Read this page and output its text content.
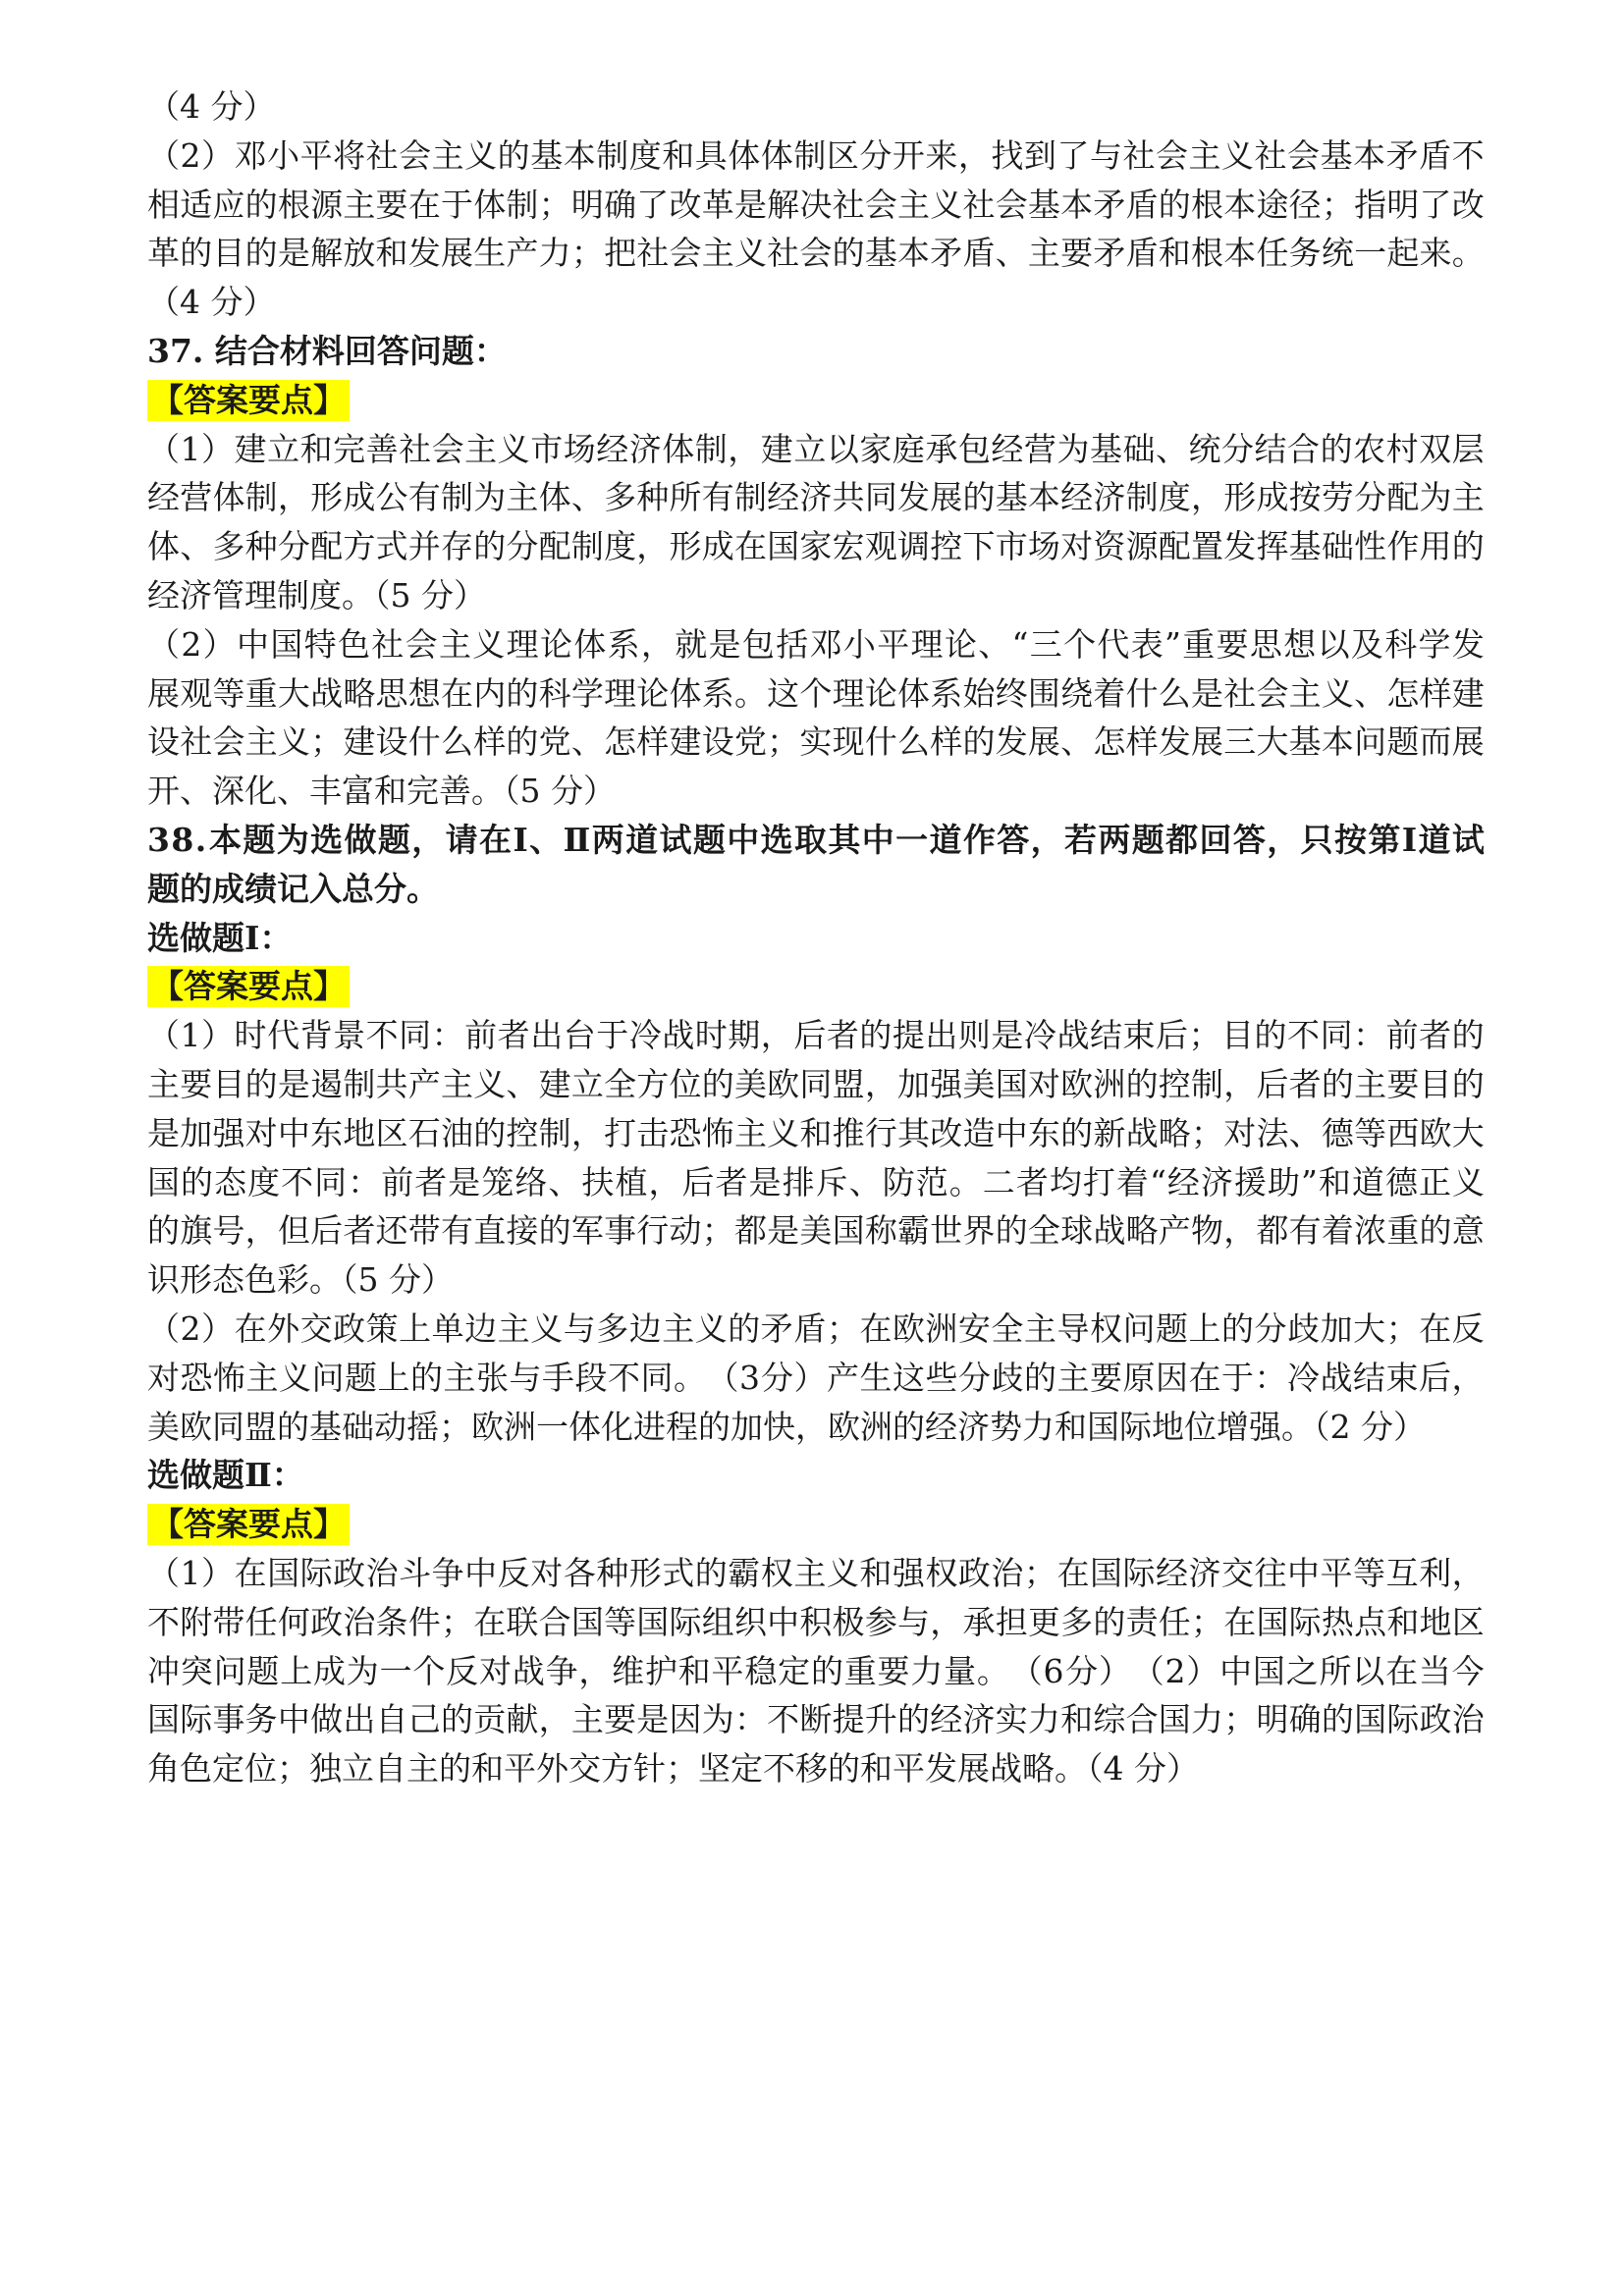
（4 分）
（ 2 ） 邓 小 平 将 社 会 主 义 的 基 本 制 度 和 具 体 体 制 区 分 开 来 ， 找 到 了 与 社 会 主 义 社 会 基 本 矛 盾 不
相 适 应 的 根 源 主 要 在 于 体 制 ； 明 确 了 改 革 是 解 决 社 会 主 义 社 会 基 本 矛 盾 的 根 本 途 径 ； 指 明 了 改
革 的 目 的 是 解 放 和 发 展 生 产 力 ； 把 社 会 主 义 社 会 的 基 本 矛 盾 、 主 要 矛 盾 和 根 本 任 务 统 一 起 来 。
（4 分）
37. 结合材料回答问题：
【答案要点】
（ 1 ） 建 立 和 完 善 社 会 主 义 市 场 经 济 体 制 ， 建 立 以 家 庭 承 包 经 营 为 基 础 、 统 分 结 合 的 农 村 双 层
经 营 体 制 ， 形 成 公 有 制 为 主 体 、 多 种 所 有 制 经 济 共 同 发 展 的 基 本 经 济 制 度 ， 形 成 按 劳 分 配 为 主
体 、 多 种 分 配 方 式 并 存 的 分 配 制 度 ， 形 成 在 国 家 宏 观 调 控 下 市 场 对 资 源 配 置 发 挥 基 础 性 作 用 的
经济管理制度。（5 分）
（ 2 ） 中 国 特 色 社 会 主 义 理 论 体 系 ， 就 是 包 括 邓 小 平 理 论 、 “ 三 个 代 表 ” 重 要 思 想 以 及 科 学 发
展 观 等 重 大 战 略 思 想 在 内 的 科 学 理 论 体 系 。 这 个 理 论 体 系 始 终 围 绕 着 什 么 是 社 会 主 义 、 怎 样 建
设 社 会 主 义 ； 建 设 什 么 样 的 党 、 怎 样 建 设 党 ； 实 现 什 么 样 的 发 展 、 怎 样 发 展 三 大 基 本 问 题 而 展
开、深化、丰富和完善。（5 分）
3 8 . 本 题 为 选 做 题 ， 请 在 Ⅰ 、 Ⅱ 两 道 试 题 中 选 取 其 中 一 道 作 答 ， 若 两 题 都 回 答 ， 只 按 第 Ⅰ 道 试
题的成绩记入总分。
选做题Ⅰ：
【答案要点】
（ 1 ） 时 代 背 景 不 同 ： 前 者 出 台 于 冷 战 时 期 ， 后 者 的 提 出 则 是 冷 战 结 束 后 ； 目 的 不 同 ： 前 者 的
主 要 目 的 是 遏 制 共 产 主 义 、 建 立 全 方 位 的 美 欧 同 盟 ， 加 强 美 国 对 欧 洲 的 控 制 ， 后 者 的 主 要 目 的
是 加 强 对 中 东 地 区 石 油 的 控 制 ， 打 击 恐 怖 主 义 和 推 行 其 改 造 中 东 的 新 战 略 ； 对 法 、 德 等 西 欧 大
国 的 态 度 不 同 ： 前 者 是 笼 络 、 扶 植 ， 后 者 是 排 斥 、 防 范 。 二 者 均 打 着 “ 经 济 援 助 ” 和 道 德 正 义
的 旗 号 ， 但 后 者 还 带 有 直 接 的 军 事 行 动 ； 都 是 美 国 称 霸 世 界 的 全 球 战 略 产 物 ， 都 有 着 浓 重 的 意
识形态色彩。（5 分）
（ 2 ） 在 外 交 政 策 上 单 边 主 义 与 多 边 主 义 的 矛 盾 ； 在 欧 洲 安 全 主 导 权 问 题 上 的 分 歧 加 大 ； 在 反
对 恐 怖 主 义 问 题 上 的 主 张 与 手 段 不 同 。 （ 3 分 ） 产 生 这 些 分 歧 的 主 要 原 因 在 于 ： 冷 战 结 束 后 ，
美欧同盟的基础动摇；欧洲一体化进程的加快，欧洲的经济势力和国际地位增强。（2 分）
选做题Ⅱ：
【答案要点】
（ 1 ） 在 国 际 政 治 斗 争 中 反 对 各 种 形 式 的 霸 权 主 义 和 强 权 政 治 ； 在 国 际 经 济 交 往 中 平 等 互 利 ，
不 附 带 任 何 政 治 条 件 ； 在 联 合 国 等 国 际 组 织 中 积 极 参 与 ， 承 担 更 多 的 责 任 ； 在 国 际 热 点 和 地 区
冲 突 问 题 上 成 为 一 个 反 对 战 争 ， 维 护 和 平 稳 定 的 重 要 力 量 。 （ 6 分 ） （ 2 ） 中 国 之 所 以 在 当 今
国 际 事 务 中 做 出 自 己 的 贡 献 ， 主 要 是 因 为 ： 不 断 提 升 的 经 济 实 力 和 综 合 国 力 ； 明 确 的 国 际 政 治
角色定位；独立自主的和平外交方针；坚定不移的和平发展战略。（4 分）
